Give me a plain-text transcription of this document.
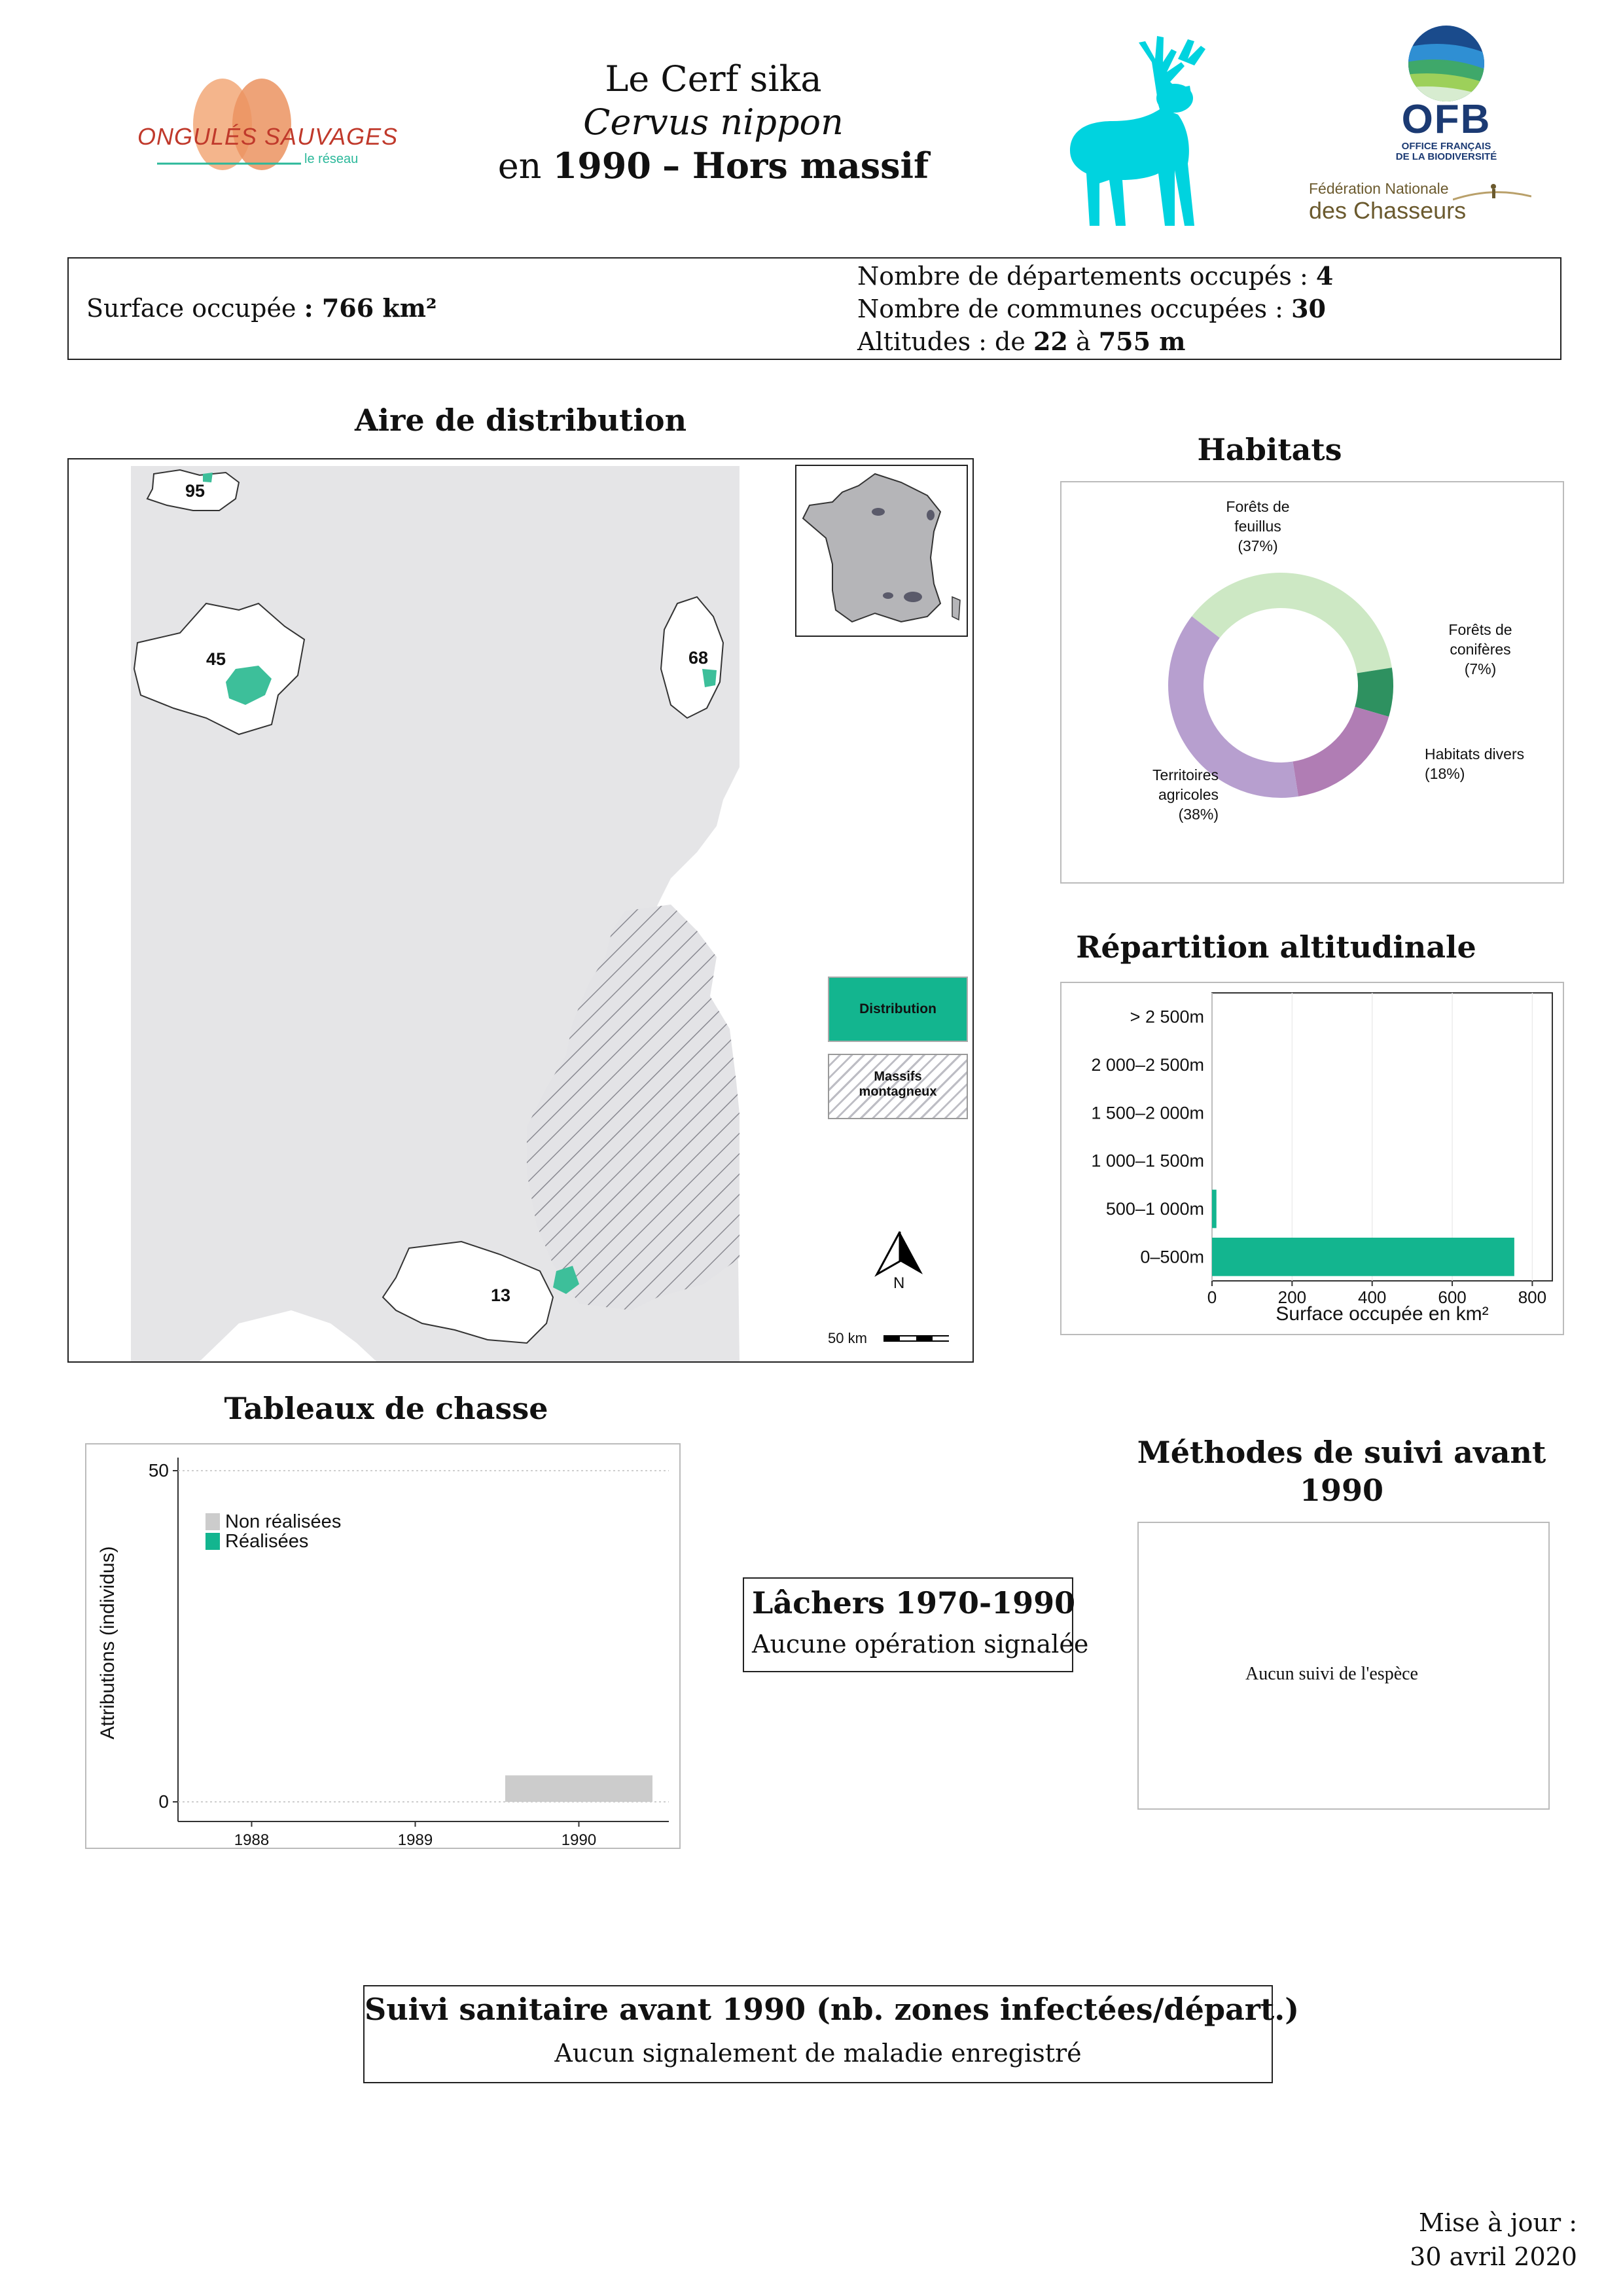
ONGULÉS SAUVAGES
le réseau
Le Cerf sika
Cervus nippon
en 1990 – Hors massif
OFB
OFFICE FRANÇAIS
DE LA BIODIVERSITÉ
Fédération Nationale
des Chasseurs
Surface occupée : 766 km²
Nombre de départements occupés : 4
Nombre de communes occupées : 30
Altitudes : de 22 à 755 m
Aire de distribution
95
45	68
13
Distribution
Massifs
montagneux
N
50 km
Habitats
Forêts de
feuillus
(37%)
Forêts de
conifères
(7%)
Habitats divers
(18%)
Territoires
agricoles
(38%)
Répartition altitudinale
0	200	400	600	800
0–500m
500–1 000m
1 000–1 500m
1 500–2 000m
2 000–2 500m
> 2 500m
Surface occupée en km²
Tableaux de chasse
0
50
1988	1989	1990
Non réalisées
Réalisées
Attributions (individus)	Lâchers 1970-1990
Aucune opération signalée
Méthodes de suivi avant
1990
Aucun suivi de l'espèce
Suivi sanitaire avant 1990 (nb. zones infectées/départ.)
Aucun signalement de maladie enregistré
Mise à jour :
30 avril 2020
